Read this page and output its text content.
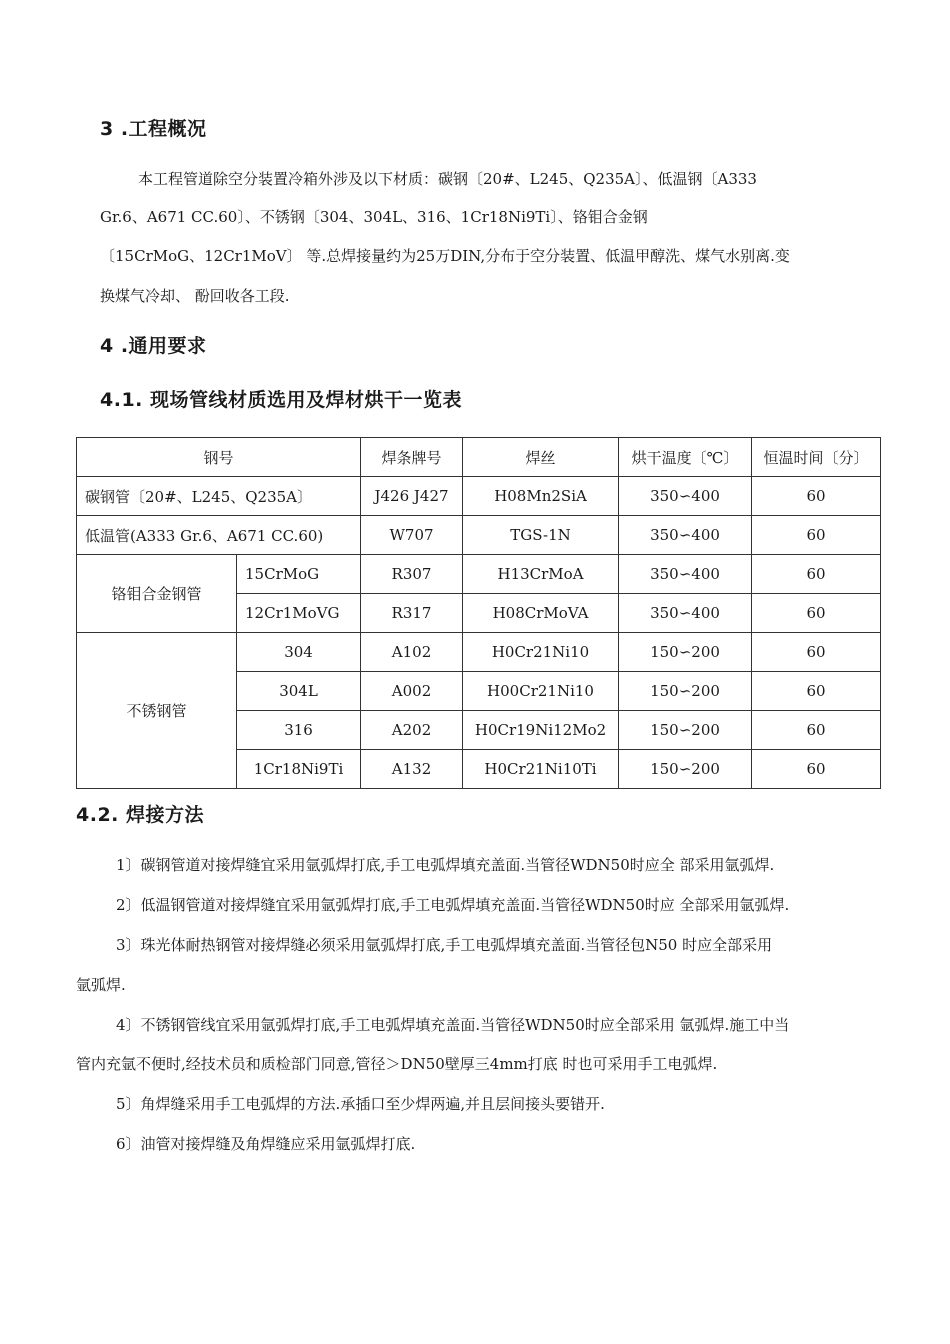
3 .工程概况
本工程管道除空分装置冷箱外涉及以下材质：碳钢〔20#、L245、Q235A〕、低温钢〔A333
Gr.6、A671 CC.60〕、不锈钢〔304、304L、316、1Cr18Ni9Ti〕、铬钼合金钢
〔15CrMoG、12Cr1MoV〕 等.总焊接量约为25万DIN,分布于空分装置、低温甲醇洗、煤气水别离.变
换煤气冷却、 酚回收各工段.
4 .通用要求
4.1. 现场管线材质选用及焊材烘干一览表
钢号		焊条牌号	焊丝	烘干温度〔℃〕	恒温时间〔分〕
碳钢管〔20#、L245、Q235A〕		J426 J427	H08Mn2SiA	350∽400	60
低温管(A333 Gr.6、A671 CC.60)		W707	TGS-1N	350∽400	60
铬钼合金钢管	15CrMoG	R307	H13CrMoA	350∽400	60
	12Cr1MoVG	R317	H08CrMoVA	350∽400	60
不锈钢管	304	A102	H0Cr21Ni10	150∽200	60
	304L	A002	H00Cr21Ni10	150∽200	60
	316	A202	H0Cr19Ni12Mo2	150∽200	60
	1Cr18Ni9Ti	A132	H0Cr21Ni10Ti	150∽200	60
4.2. 焊接方法
1〕碳钢管道对接焊缝宜采用氩弧焊打底,手工电弧焊填充盖面.当管径WDN50时应全 部采用氩弧焊.
2〕低温钢管道对接焊缝宜采用氩弧焊打底,手工电弧焊填充盖面.当管径WDN50时应 全部采用氩弧焊.
3〕珠光体耐热钢管对接焊缝必须采用氩弧焊打底,手工电弧焊填充盖面.当管径包N50 时应全部采用
氩弧焊.
4〕不锈钢管线宜采用氩弧焊打底,手工电弧焊填充盖面.当管径WDN50时应全部采用 氩弧焊.施工中当
管内充氩不便时,经技术员和质检部门同意,管径＞DN50壁厚三4mm打底 时也可采用手工电弧焊.
5〕角焊缝采用手工电弧焊的方法.承插口至少焊两遍,并且层间接头要错开.
6〕油管对接焊缝及角焊缝应采用氩弧焊打底.
